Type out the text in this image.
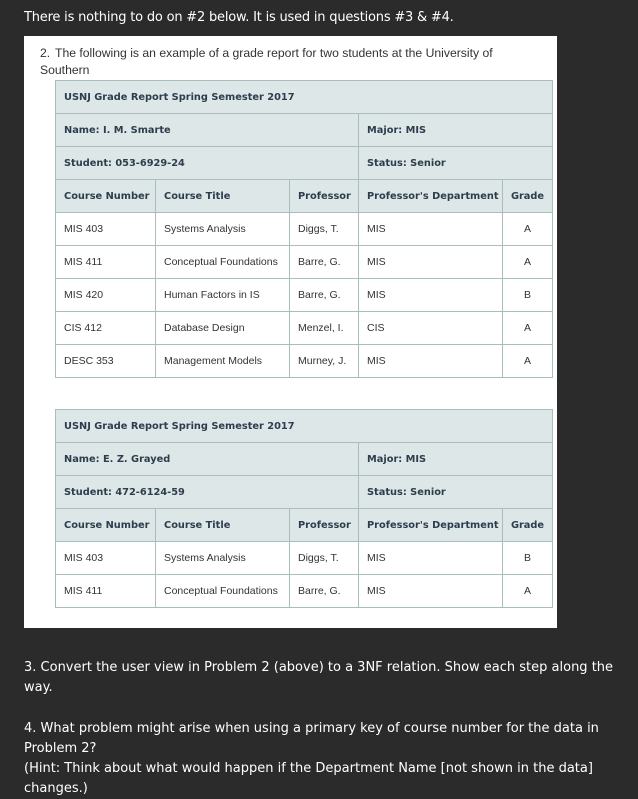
There is nothing to do on #2 below. It is used in questions #3 & #4.
2. The following is an example of a grade report for two students at the University of Southern
USNJ Grade Report Spring Semester 2017				
Name: I. M. Smarte			Major: MIS	
Student: 053-6929-24			Status: Senior	
Course Number	Course Title	Professor	Professor's Department	Grade
MIS 403	Systems Analysis	Diggs, T.	MIS	A
MIS 411	Conceptual Foundations	Barre, G.	MIS	A
MIS 420	Human Factors in IS	Barre, G.	MIS	B
CIS 412	Database Design	Menzel, I.	CIS	A
DESC 353	Management Models	Murney, J.	MIS	A
USNJ Grade Report Spring Semester 2017				
Name: E. Z. Grayed			Major: MIS	
Student: 472-6124-59			Status: Senior	
Course Number	Course Title	Professor	Professor's Department	Grade
MIS 403	Systems Analysis	Diggs, T.	MIS	B
MIS 411	Conceptual Foundations	Barre, G.	MIS	A
3. Convert the user view in Problem 2 (above) to a 3NF relation. Show each step along the way.
4. What problem might arise when using a primary key of course number for the data in Problem 2?
(Hint: Think about what would happen if the Department Name [not shown in the data] changes.)
